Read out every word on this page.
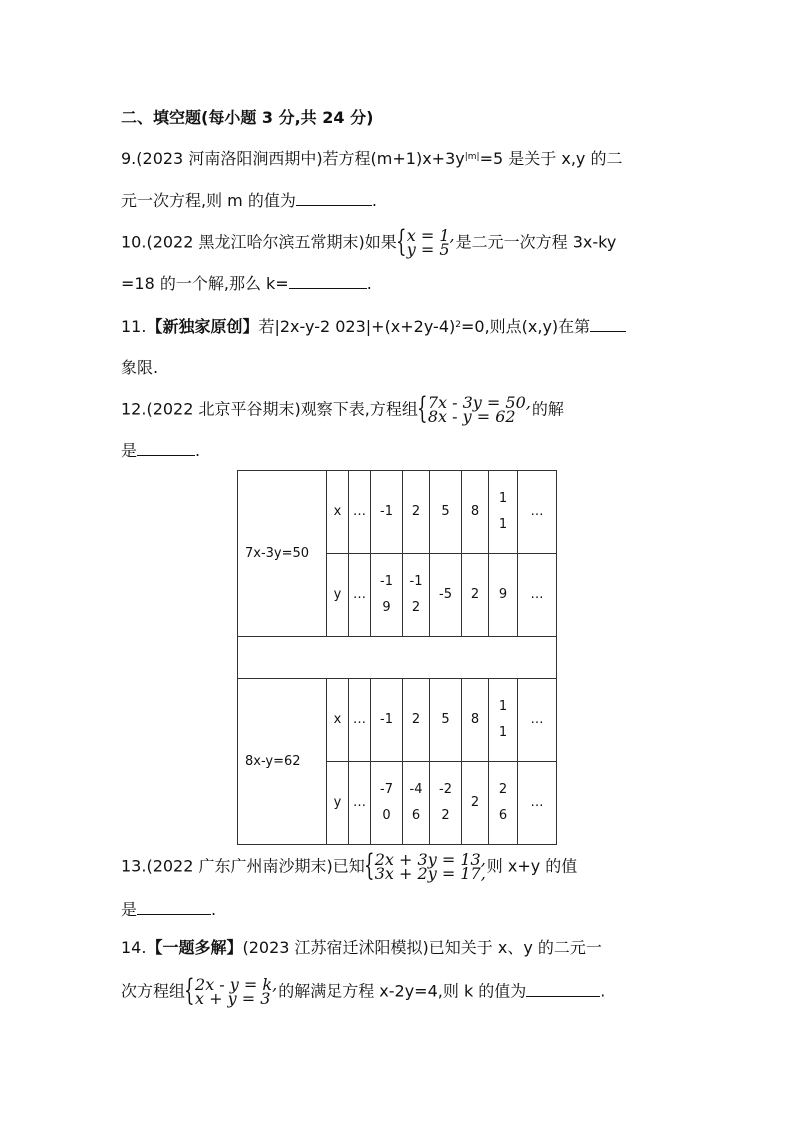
二、填空题(每小题 3 分,共 24 分)
9.(2023 河南洛阳涧西期中)若方程$(m+1)x+3y^{|m|}=5$ 是关于 x,y 的二
元一次方程,则 m 的值为	.
10.(2022 黑龙江哈尔滨五常期末)如果 { x = 1,
y = 5 是二元一次方程 3x-ky
=18 的一个解,那么 k=	.
11.【新独家原创】若|2x-y-2 $023|+(x+2y-4)^2=0$,则点(x,y)在第
象限.
12.(2022 北京平谷期末)观察下表,方程组 { 7x - 3y = 50,
8x - y = 62	的解
是	.
7x-3y=50	x	…	-1	2	5	8	11	…
	y	…	-19	-12	-5	2	9	…

8x-y=62	x	…	-1	2	5	8	11	…
	y	…	-70	-46	-22	2	26	…
13.(2022 广东广州南沙期末)已知 { 2x + 3y = 13,
3x + 2y = 17, 则 x+y 的值
是	.
14.【一题多解】(2023 江苏宿迁沭阳模拟)已知关于 x、y 的二元一
次方程组 { 2x - y = k,
x + y = 3 的解满足方程 x-2y=4,则 k 的值为	.
